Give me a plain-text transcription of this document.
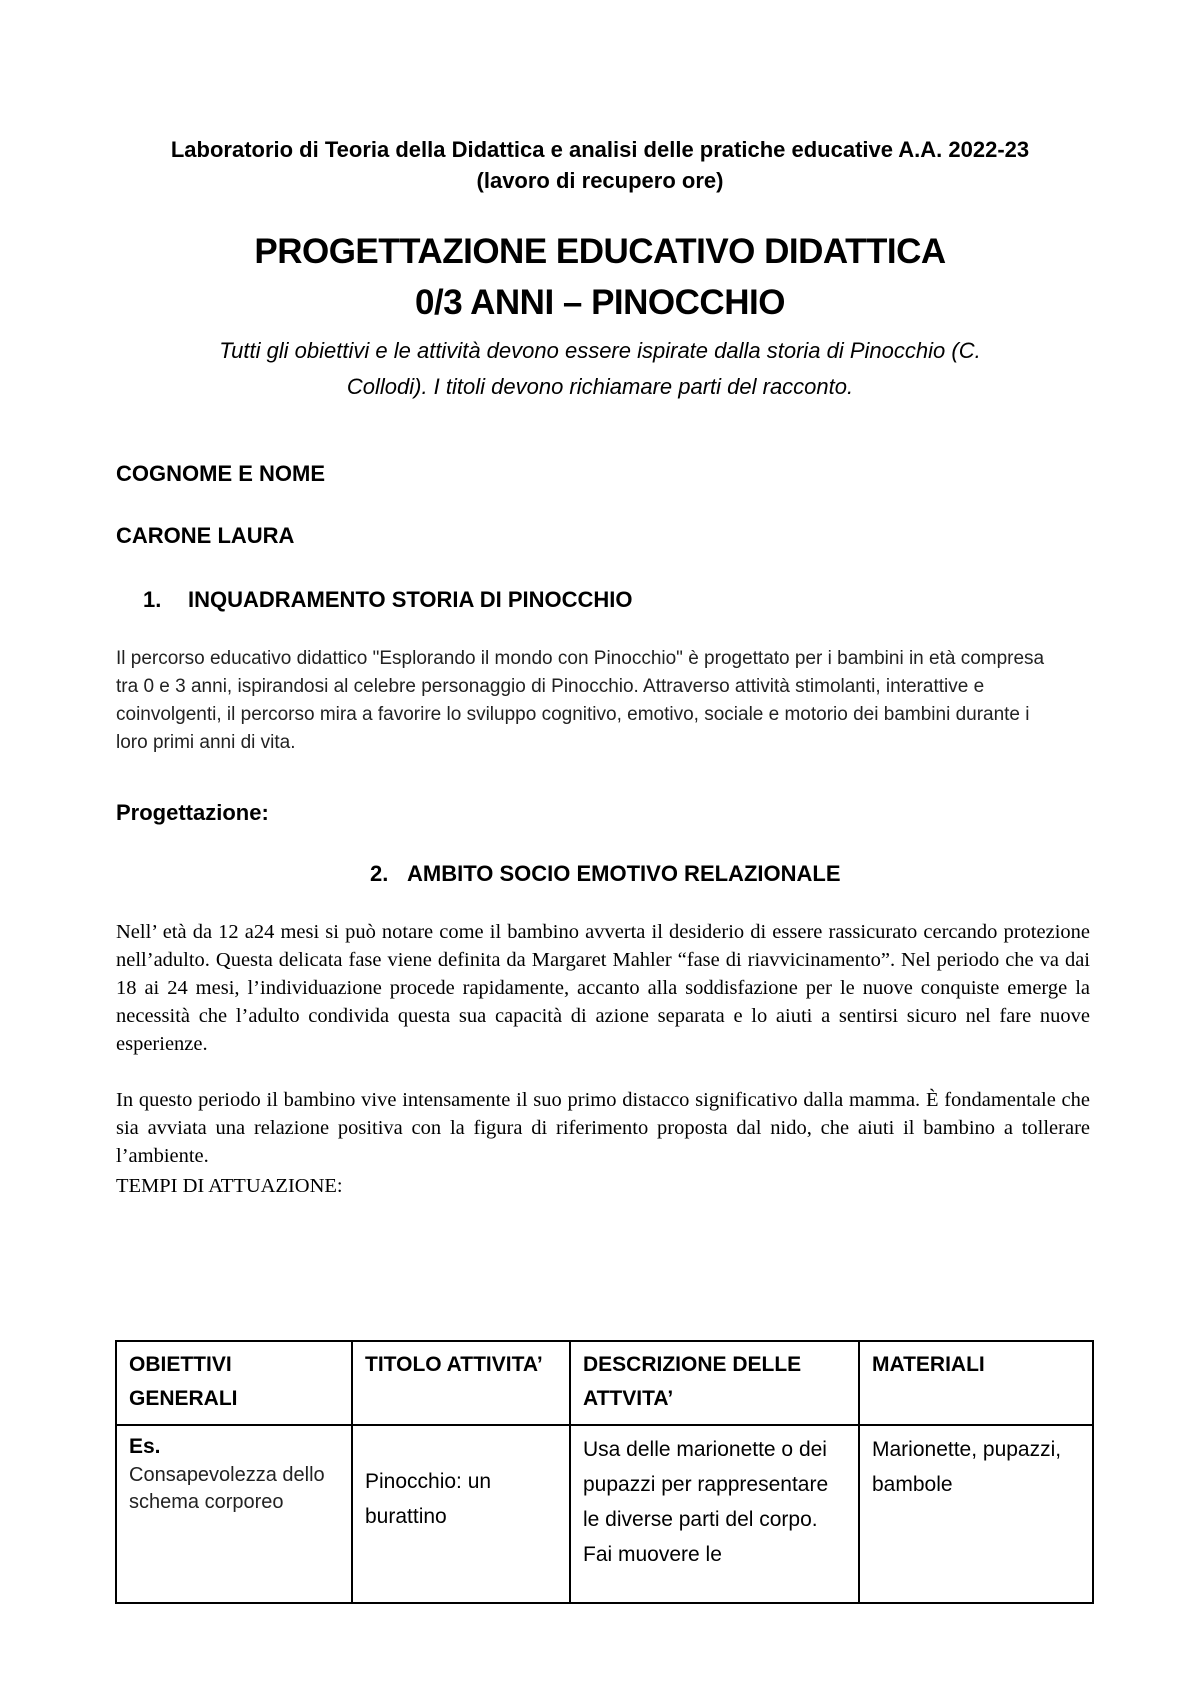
Laboratorio di Teoria della Didattica e analisi delle pratiche educative A.A. 2022-23
(lavoro di recupero ore)
PROGETTAZIONE EDUCATIVO DIDATTICA
0/3 ANNI – PINOCCHIO
Tutti gli obiettivi e le attività devono essere ispirate dalla storia di Pinocchio (C.
Collodi). I titoli devono richiamare parti del racconto.
COGNOME E NOME
CARONE LAURA
1. INQUADRAMENTO STORIA DI PINOCCHIO
Il percorso educativo didattico "Esplorando il mondo con Pinocchio" è progettato per i bambini in età compresa tra 0 e 3 anni, ispirandosi al celebre personaggio di Pinocchio. Attraverso attività stimolanti, interattive e coinvolgenti, il percorso mira a favorire lo sviluppo cognitivo, emotivo, sociale e motorio dei bambini durante i loro primi anni di vita.
Progettazione:
2. AMBITO SOCIO EMOTIVO RELAZIONALE
Nell’ età da 12 a24 mesi si può notare come il bambino avverta il desiderio di essere rassicurato cercando protezione nell’adulto. Questa delicata fase viene definita da Margaret Mahler “fase di riavvicinamento”. Nel periodo che va dai 18 ai 24 mesi, l’individuazione procede rapidamente, accanto alla soddisfazione per le nuove conquiste emerge la necessità che l’adulto condivida questa sua capacità di azione separata e lo aiuti a sentirsi sicuro nel fare nuove esperienze.
In questo periodo il bambino vive intensamente il suo primo distacco significativo dalla mamma. È fondamentale che sia avviata una relazione positiva con la figura di riferimento proposta dal nido, che aiuti il bambino a tollerare l’ambiente.
TEMPI DI ATTUAZIONE:
OBIETTIVI GENERALI	TITOLO ATTIVITA’	DESCRIZIONE DELLE ATTVITA’	MATERIALI

Es.
Consapevolezza dello schema corporeo	Pinocchio: un burattino	Usa delle marionette o dei pupazzi per rappresentare le diverse parti del corpo. Fai muovere le	Marionette, pupazzi, bambole
